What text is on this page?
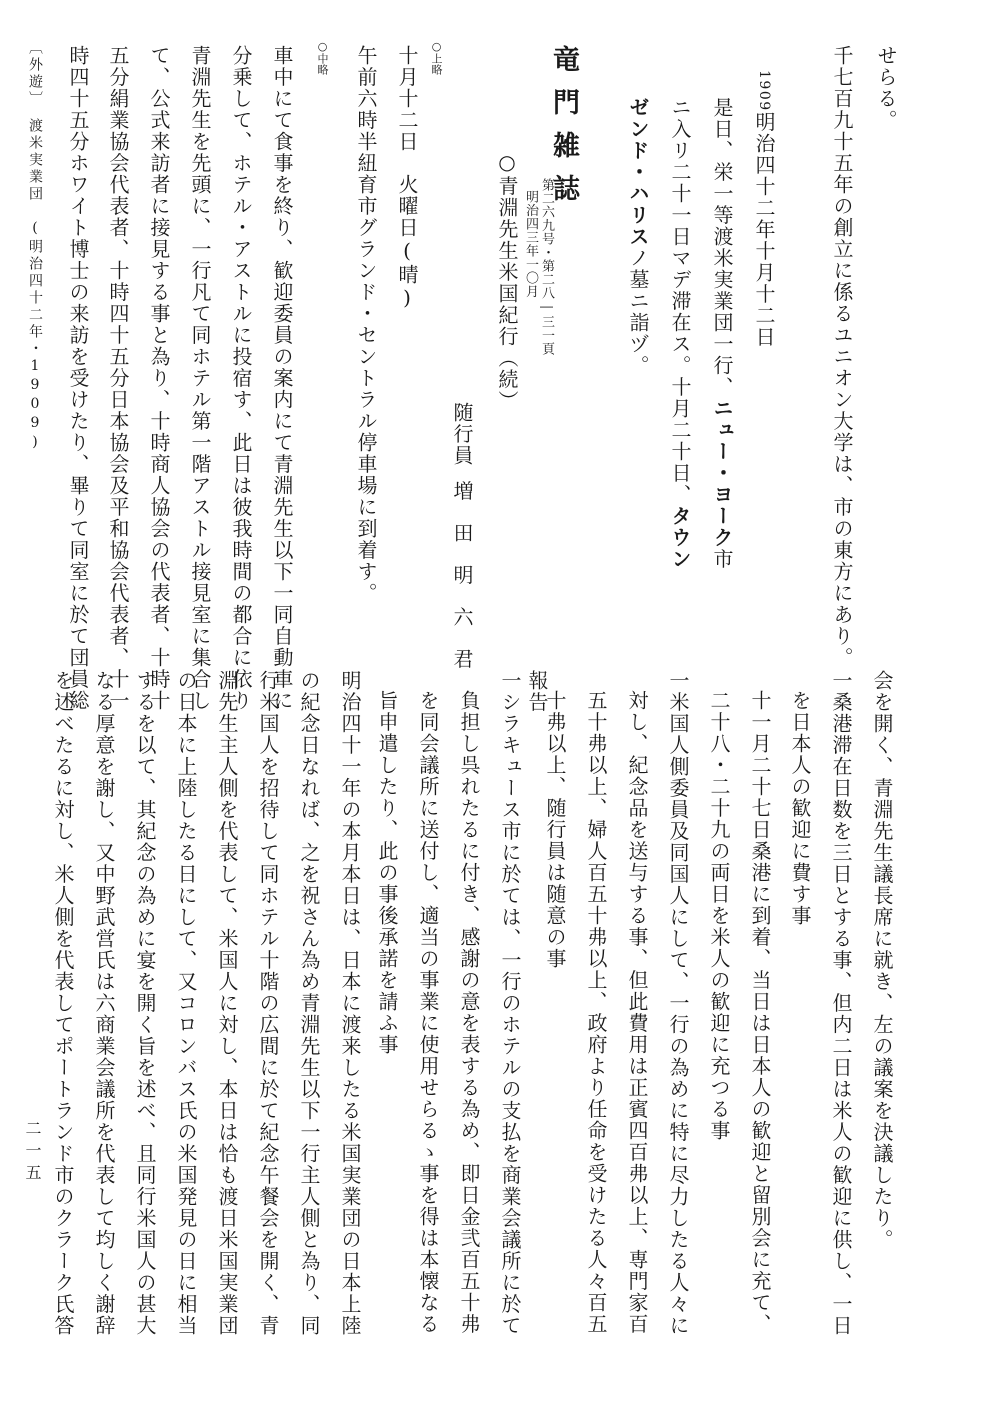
せらる。
千七百九十五年の創立に係るユニオン大学は、市の東方にあり。
1909明治四十二年十月十二日
是日、栄一等渡米実業団一行、ニュー・ヨーク市
ニ入リ二十一日マデ滞在ス。十月二十日、タウン
ゼンド・ハリスノ墓ニ詣ヅ。
竜門雑誌
第二六九号・第二八―三一頁
明治四三年一〇月
○青淵先生米国紀行（続）
随行員増田明六君
○上略
十月十二日　火曜日(晴)
午前六時半紐育市グランド・セントラル停車場に到着す。
○中略
車中にて食事を終り、歓迎委員の案内にて青淵先生以下一同自動車に
分乗して、ホテル・アストルに投宿す、此日は彼我時間の都合に依り
青淵先生を先頭に、一行凡て同ホテル第一階アストル接見室に集合し
て、公式来訪者に接見する事と為り、十時商人協会の代表者、十時十
五分絹業協会代表者、十時四十五分日本協会及平和協会代表者、十一
時四十五分ホワイト博士の来訪を受けたり、畢りて同室に於て団員総
〔外遊〕　渡米実業団　(明治四十二年・1909)
会を開く、青淵先生議長席に就き、左の議案を決議したり。
一桑港滞在日数を三日とする事、但内二日は米人の歓迎に供し、一日
を日本人の歓迎に費す事
十一月二十七日桑港に到着、当日は日本人の歓迎と留別会に充て、
二十八・二十九の両日を米人の歓迎に充つる事
一米国人側委員及同国人にして、一行の為めに特に尽力したる人々に
対し、紀念品を送与する事、但此費用は正賓四百弗以上、専門家百
五十弗以上、婦人百五十弗以上、政府より任命を受けたる人々百五
十弗以上、随行員は随意の事
報告
一シラキュース市に於ては、一行のホテルの支払を商業会議所に於て
負担し呉れたるに付き、感謝の意を表する為め、即日金弐百五十弗
を同会議所に送付し、適当の事業に使用せらるゝ事を得は本懐なる
旨申遣したり、此の事後承諾を請ふ事
明治四十一年の本月本日は、日本に渡来したる米国実業団の日本上陸
の紀念日なれば、之を祝さん為め青淵先生以下一行主人側と為り、同
行米国人を招待して同ホテル十階の広間に於て紀念午餐会を開く、青
淵先生主人側を代表して、米国人に対し、本日は恰も渡日米国実業団
の日本に上陸したる日にして、又コロンバス氏の米国発見の日に相当
するを以て、其紀念の為めに宴を開く旨を述べ、且同行米国人の甚大
なる厚意を謝し、又中野武営氏は六商業会議所を代表して均しく謝辞
を述べたるに対し、米人側を代表してポートランド市のクラーク氏答
二一五
